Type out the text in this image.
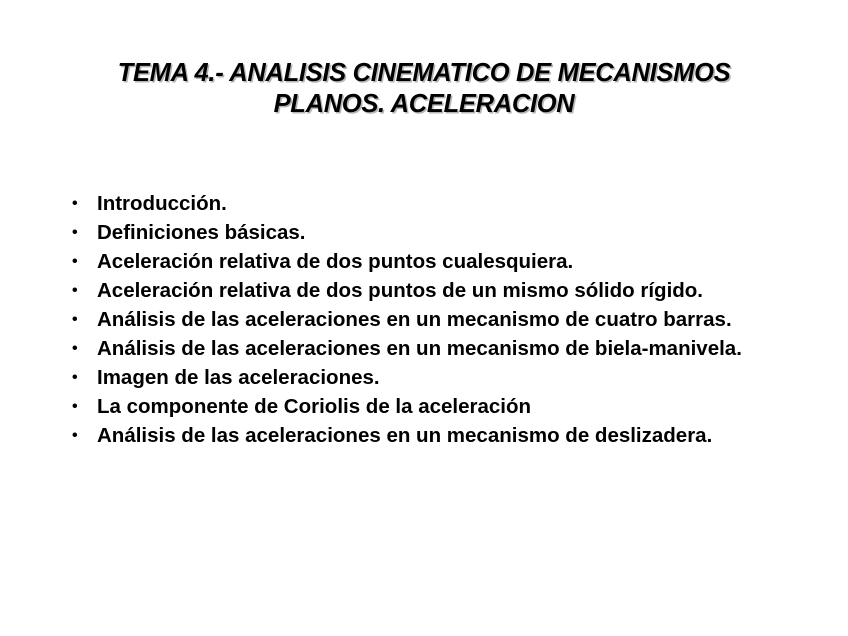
TEMA 4.- ANALISIS CINEMATICO DE MECANISMOS
PLANOS. ACELERACION
• Introducción.
• Definiciones básicas.
• Aceleración relativa de dos puntos cualesquiera.
• Aceleración relativa de dos puntos de un mismo sólido rígido.
• Análisis de las aceleraciones en un mecanismo de cuatro barras.
• Análisis de las aceleraciones en un mecanismo de biela-manivela.
• Imagen de las aceleraciones.
• La componente de Coriolis de la aceleración
• Análisis de las aceleraciones en un mecanismo de deslizadera.
